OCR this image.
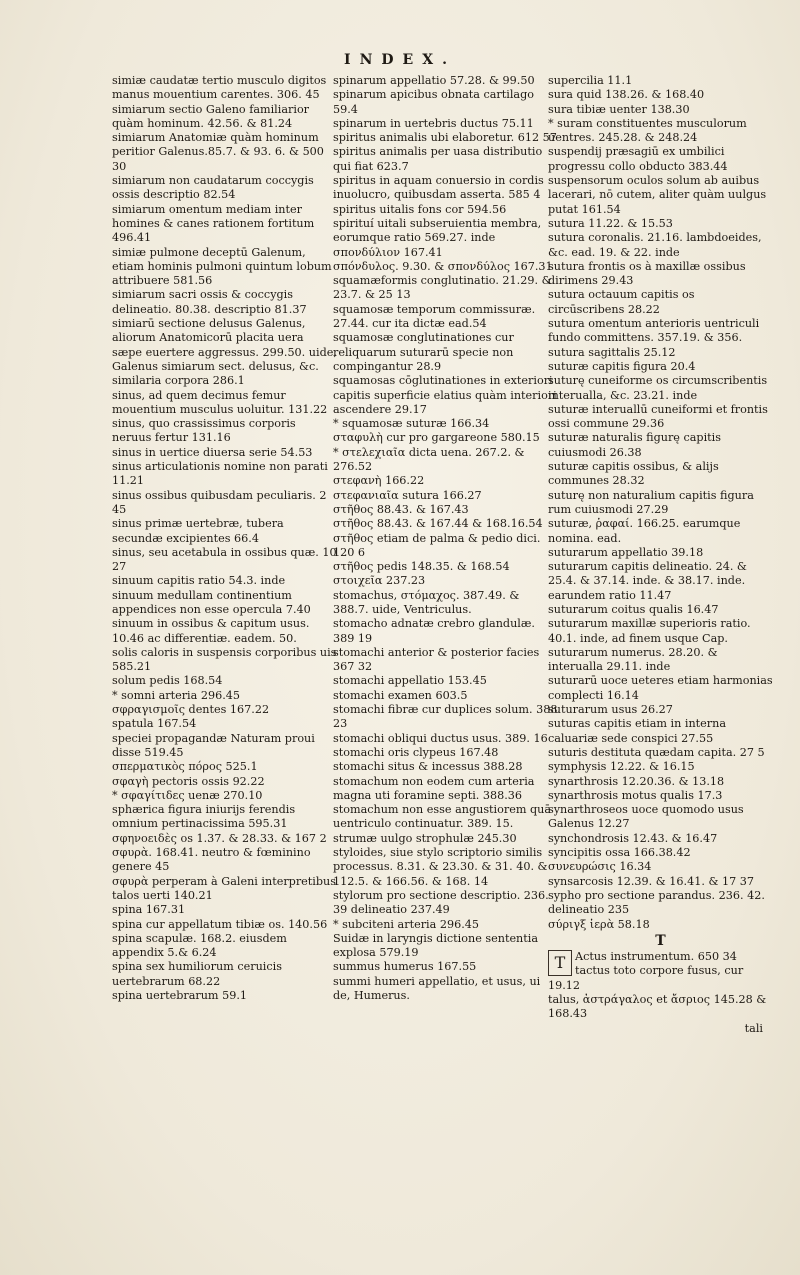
INDEX.
simiæ caudatæ tertio musculo digitos manus mouentium carentes. 306. 45
simiarum sectio Galeno familiarior quàm hominum. 42.56. & 81.24
simiarum Anatomiæ quàm hominum peritior Galenus.85.7. & 93. 6. & 500 30
simiarum non caudatarum coccygis ossis descriptio 82.54
simiarum omentum mediam inter homines & canes rationem fortitum 496.41
simiæ pulmone deceptū Galenum, etiam hominis pulmoni quintum lobum attribuere 581.56
simiarum sacri ossis & coccygis delineatio. 80.38. descriptio 81.37
simiarū sectione delusus Galenus, aliorum Anatomicorū placita uera sæpe euertere aggressus. 299.50. uide, Galenus simiarum sect. delusus, &c.
similaria corpora 286.1
sinus, ad quem decimus femur mouentium musculus uoluitur. 131.22
sinus, quo crassissimus corporis neruus fertur 131.16
sinus in uertice diuersa serie 54.53
sinus articulationis nomine non parati 11.21
sinus ossibus quibusdam peculiaris. 2 45
sinus primæ uertebræ, tubera secundæ excipientes 66.4
sinus, seu acetabula in ossibus quæ. 10 27
sinuum capitis ratio 54.3. inde
sinuum medullam continentium appendices non esse opercula 7.40
sinuum in ossibus & capitum usus. 10.46 ac differentiæ. eadem. 50.
solis caloris in suspensis corporibus uis 585.21
solum pedis 168.54
* somni arteria 296.45
σφραγισμοῖς dentes 167.22
spatula 167.54
speciei propagandæ Naturam proui disse 519.45
σπερματικὸς πόρος 525.1
σφαγὴ pectoris ossis 92.22
* σφαγίτιδες uenæ 270.10
sphærica figura iniurijs ferendis omnium pertinacissima 595.31
σφηνοειδὲς os 1.37. & 28.33. & 167 2
σφυρὰ. 168.41. neutro & fœminino genere 45
σφυρὰ perperam à Galeni interpretibus talos uerti 140.21
spina 167.31
spina cur appellatum tibiæ os. 140.56
spina scapulæ. 168.2. eiusdem appendix 5.& 6.24
spina sex humiliorum ceruicis uertebrarum 68.22
spina uertebrarum 59.1
spinarum appellatio 57.28. & 99.50
spinarum apicibus obnata cartilago 59.4
spinarum in uertebris ductus 75.11
spiritus animalis ubi elaboretur. 612 57
spiritus animalis per uasa distributio qui fiat 623.7
spiritus in aquam conuersio in cordis inuolucro, quibusdam asserta. 585 4
spiritus uitalis fons cor 594.56
spirituí uitali subseruientia membra, eorumque ratio 569.27. inde
σπονδύλιον 167.41
σπόνδυλος. 9.30. & σπονδύλος 167.31
squamæformis conglutinatio. 21.29. & 23.7. & 25 13
squamosæ temporum commissuræ. 27.44. cur ita dictæ ead.54
squamosæ conglutinationes cur reliquarum suturarū specie non compingantur 28.9
squamosas cōglutinationes in exteriori capitis superficie elatius quàm interiori ascendere 29.17
* squamosæ suturæ 166.34
σταφυλὴ cur pro gargareone 580.15
* στελεχιαῖα dicta uena. 267.2. & 276.52
στεφανὴ 166.22
στεφανιαῖα sutura 166.27
στῆθος 88.43. & 167.43
στῆθος 88.43. & 167.44 & 168.16.54
στῆθος etiam de palma & pedio dici. 120 6
στῆθος pedis 148.35. & 168.54
στοιχεῖα 237.23
stomachus, στόμαχος. 387.49. & 388.7. uide, Ventriculus.
stomacho adnatæ crebro glandulæ. 389 19
stomachi anterior & posterior facies 367 32
stomachi appellatio 153.45
stomachi examen 603.5
stomachi fibræ cur duplices solum. 388 23
stomachi obliqui ductus usus. 389. 16
stomachi oris clypeus 167.48
stomachi situs & incessus 388.28
stomachum non eodem cum arteria magna uti foramine septi. 388.36
stomachum non esse angustiorem quā uentriculo continuatur. 389. 15.
strumæ uulgo strophulæ 245.30
styloides, siue stylo scriptorio similis processus. 8.31. & 23.30. & 31. 40. & 112.5. & 166.56. & 168. 14
stylorum pro sectione descriptio. 236. 39 delineatio 237.49
* subciteni arteria 296.45
Suidæ in laryngis dictione sententia explosa 579.19
summus humerus 167.55
summi humeri appellatio, et usus, ui de, Humerus.
supercilia 11.1
sura quid 138.26. & 168.40
sura tibiæ uenter 138.30
* suram constituentes musculorum uentres. 245.28. & 248.24
suspendij præsagiū ex umbilici progressu collo obducto 383.44
suspensorum oculos solum ab auibus lacerari, nō cutem, aliter quàm uulgus putat 161.54
sutura 11.22. & 15.53
sutura coronalis. 21.16. lambdoeides, &c. ead. 19. & 22. inde
sutura frontis os à maxillæ ossibus dirimens 29.43
sutura octauum capitis os circūscribens 28.22
sutura omentum anterioris uentriculi fundo committens. 357.19. & 356.
sutura sagittalis 25.12
suturæ capitis figura 20.4
suturę cuneiforme os circumscribentis interualla, &c. 23.21. inde
suturæ interuallū cuneiformi et frontis ossi commune 29.36
suturæ naturalis figurę capitis cuiusmodi 26.38
suturæ capitis ossibus, & alijs communes 28.32
suturę non naturalium capitis figura rum cuiusmodi 27.29
suturæ, ῥαφαί. 166.25. earumque nomina. ead.
suturarum appellatio 39.18
suturarum capitis delineatio. 24. & 25.4. & 37.14. inde. & 38.17. inde. earundem ratio 11.47
suturarum coitus qualis 16.47
suturarum maxillæ superioris ratio. 40.1. inde, ad finem usque Cap.
suturarum numerus. 28.20. & interualla 29.11. inde
suturarū uoce ueteres etiam harmonias complecti 16.14
suturarum usus 26.27
suturas capitis etiam in interna caluariæ sede conspici 27.55
suturis destituta quædam capita. 27 5
symphysis 12.22. & 16.15
synarthrosis 12.20.36. & 13.18
synarthrosis motus qualis 17.3
synarthroseos uoce quomodo usus Galenus 12.27
synchondrosis 12.43. & 16.47
syncipitis ossa 166.38.42
συνευρώσις 16.34
synsarcosis 12.39. & 16.41. & 17 37
sypho pro sectione parandus. 236. 42. delineatio 235
σύριγξ ἱερὰ 58.18
T
T Actus instrumentum. 650 34
tactus toto corpore fusus, cur 19.12
talus, ἀστράγαλος et ἄσριος 145.28 & 168.43
tali
